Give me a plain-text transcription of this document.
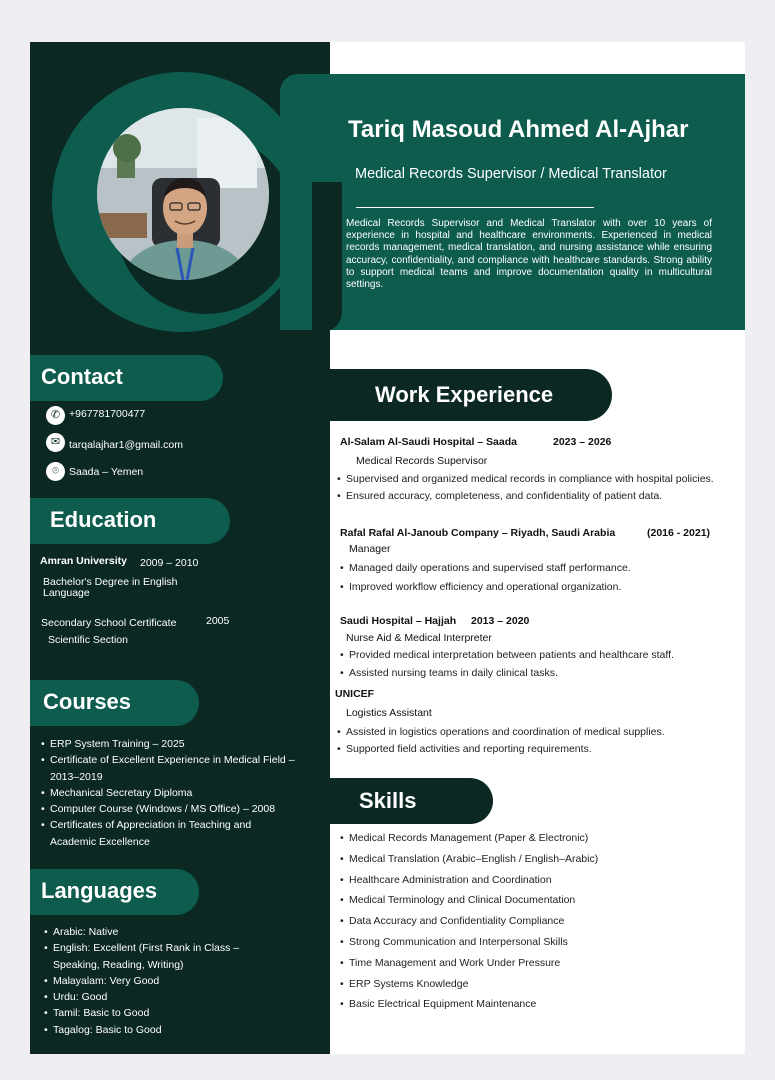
Tariq Masoud Ahmed Al-Ajhar
Medical Records Supervisor / Medical Translator
Medical Records Supervisor and Medical Translator with over 10 years of experience in hospital and healthcare environments. Experienced in medical records management, medical translation, and nursing assistance while ensuring accuracy, confidentiality, and compliance with healthcare standards. Strong ability to support medical teams and improve documentation quality in multicultural settings.
Contact
✆ +967781700477
✉ tarqalajhar1@gmail.com
⌾ Saada – Yemen
Education
Amran University 2009 – 2010
Bachelor's Degree in English Language
Secondary School Certificate	2005
Scientific Section
Courses
• ERP System Training – 2025
• Certificate of Excellent Experience in Medical Field – 2013–2019
• Mechanical Secretary Diploma
• Computer Course (Windows / MS Office) – 2008
• Certificates of Appreciation in Teaching and Academic Excellence
Languages
• Arabic: Native
• English: Excellent (First Rank in Class – Speaking, Reading, Writing)
• Malayalam: Very Good
• Urdu: Good
• Tamil: Basic to Good
• Tagalog: Basic to Good
Work Experience
Al-Salam Al-Saudi Hospital – Saada	2023 – 2026
Medical Records Supervisor
• Supervised and organized medical records in compliance with hospital policies.
• Ensured accuracy, completeness, and confidentiality of patient data.
Rafal Rafal Al-Janoub Company – Riyadh, Saudi Arabia	(2016 - 2021)
Manager
• Managed daily operations and supervised staff performance.
• Improved workflow efficiency and operational organization.
Saudi Hospital – Hajjah 2013 – 2020
Nurse Aid & Medical Interpreter
• Provided medical interpretation between patients and healthcare staff.
• Assisted nursing teams in daily clinical tasks.
UNICEF
Logistics Assistant
• Assisted in logistics operations and coordination of medical supplies.
• Supported field activities and reporting requirements.
Skills
• Medical Records Management (Paper & Electronic)
• Medical Translation (Arabic–English / English–Arabic)
• Healthcare Administration and Coordination
• Medical Terminology and Clinical Documentation
• Data Accuracy and Confidentiality Compliance
• Strong Communication and Interpersonal Skills
• Time Management and Work Under Pressure
• ERP Systems Knowledge
• Basic Electrical Equipment Maintenance
